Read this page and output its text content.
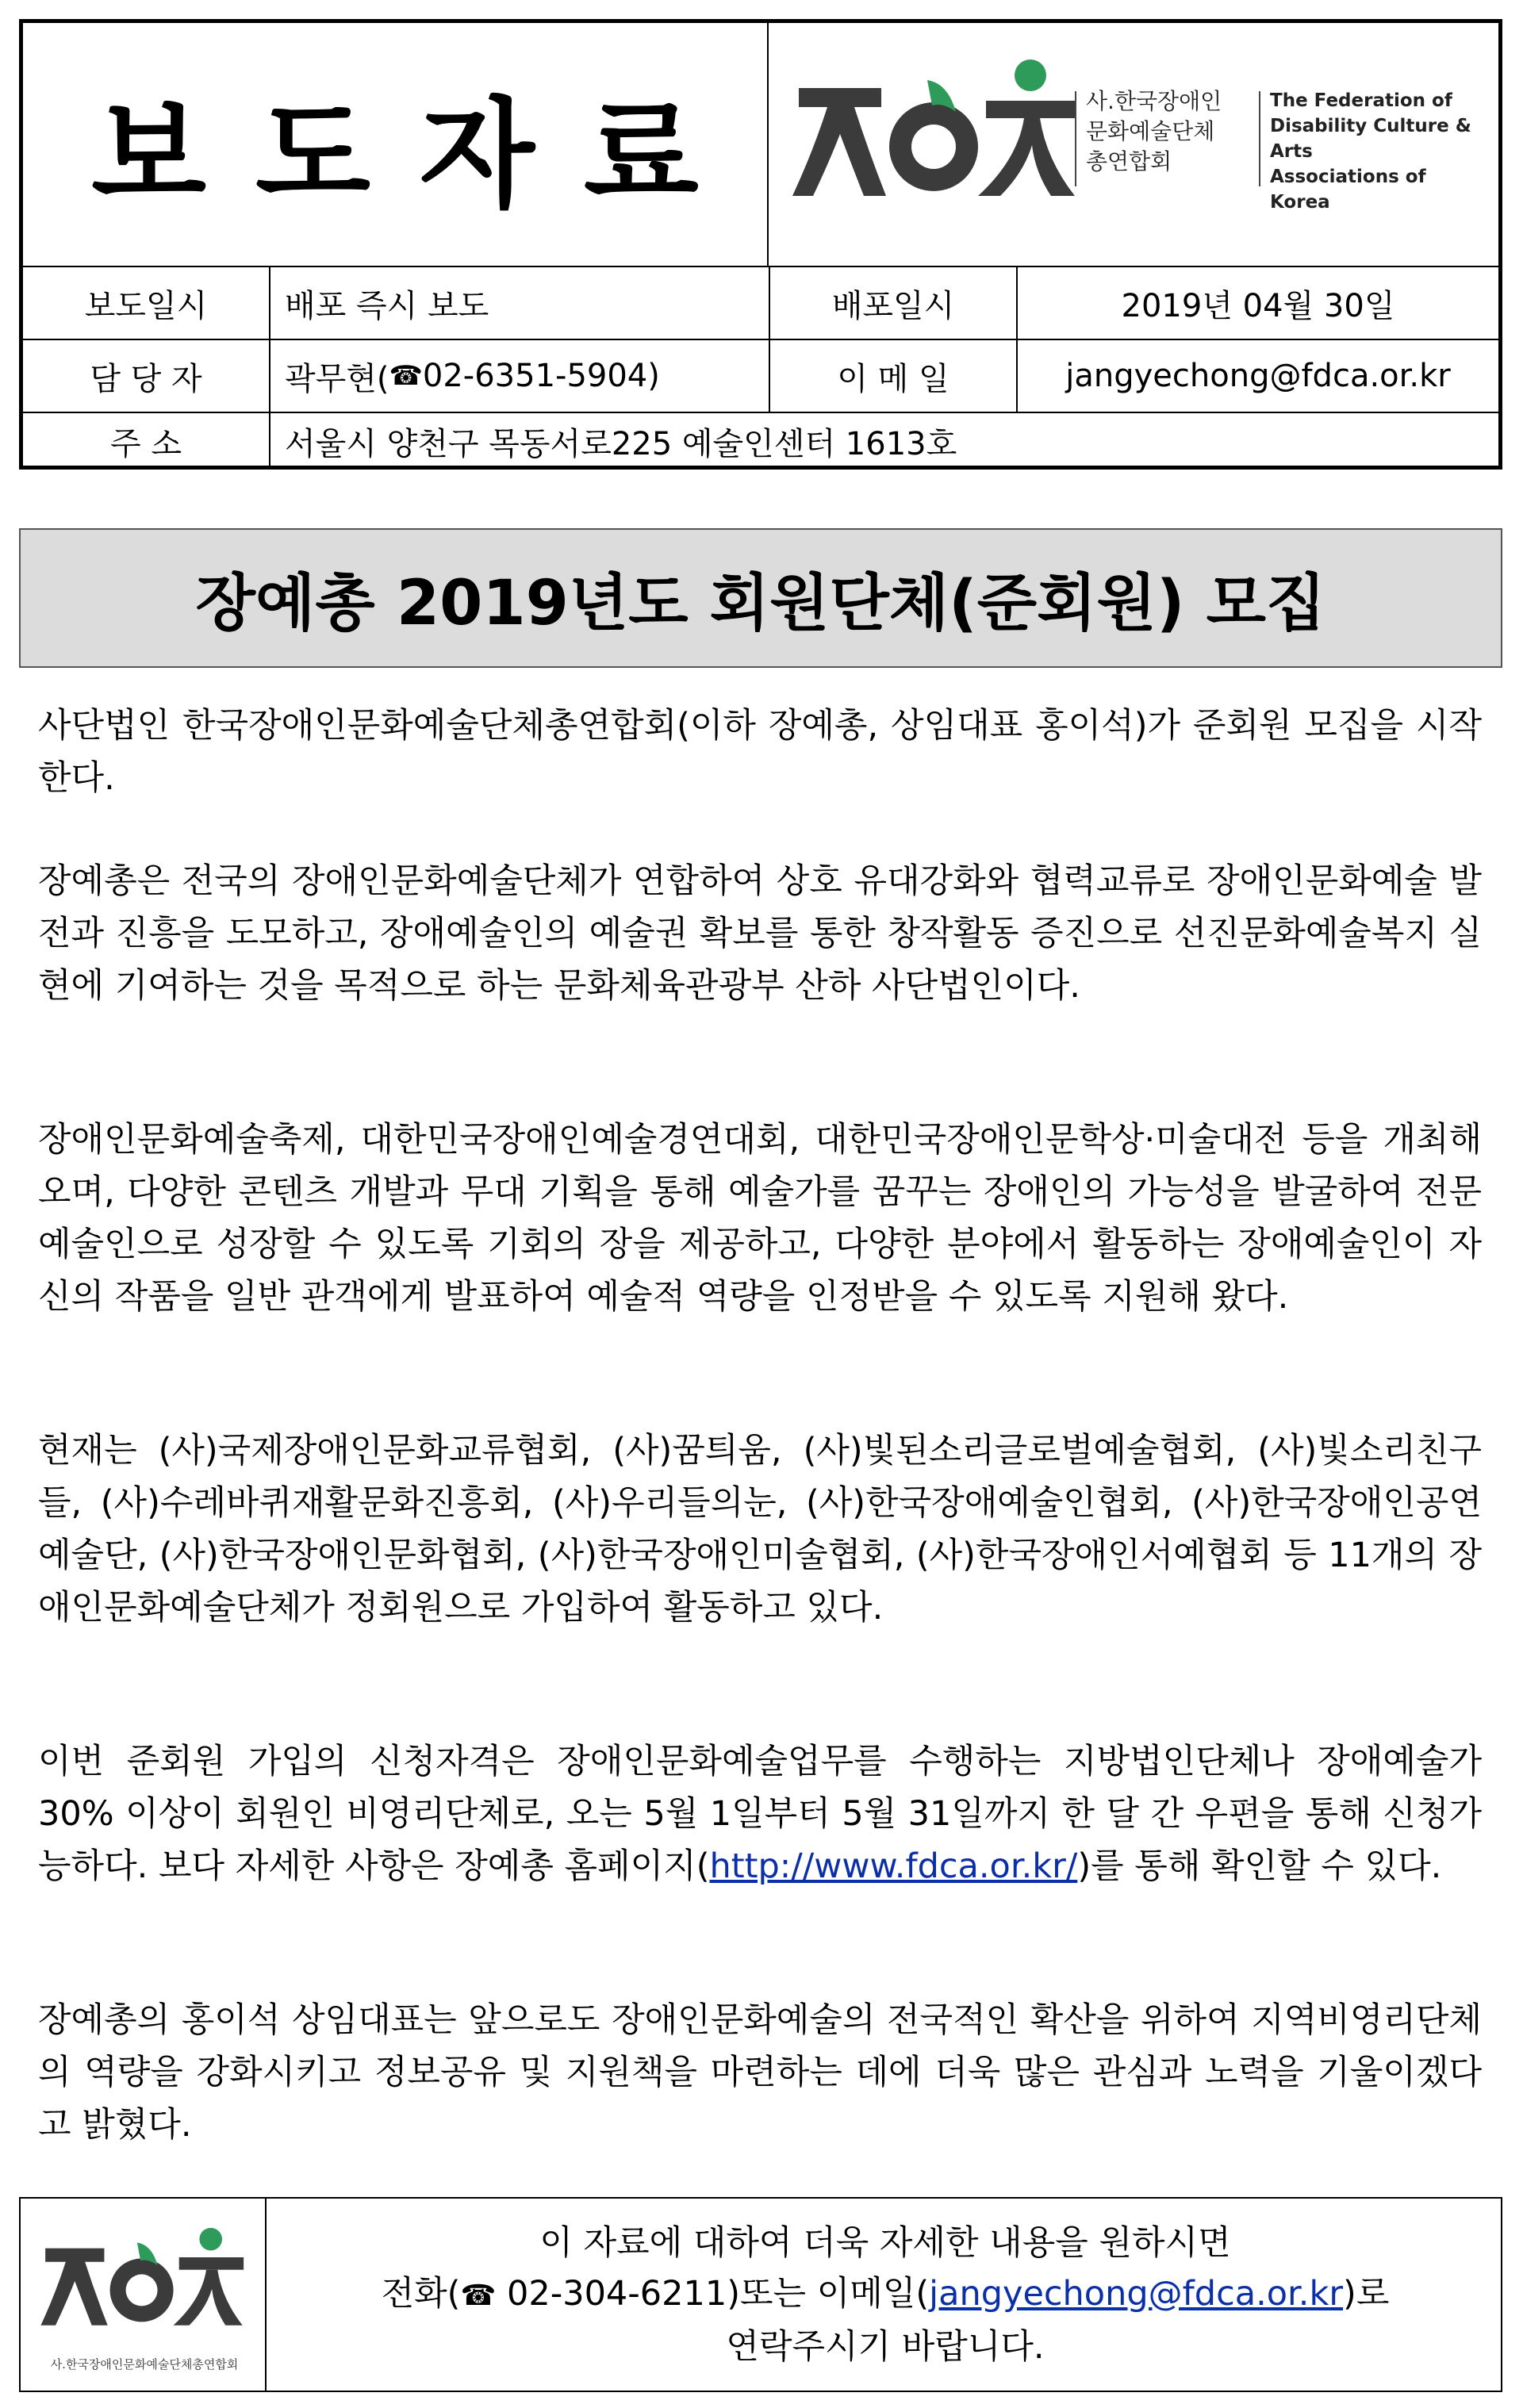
보도자료	사.한국장애인
문화예술단체
총연합회
The Federation of
Disability Culture & Arts
Associations of
Korea
보도일시	배포 즉시 보도	배포일시	2019년 04월 30일
담 당 자	곽무현( ☎ 02-6351-5904)	이 메 일	jangyechong@fdca.or.kr
주 소	서울시 양천구 목동서로225 예술인센터 1613호
장예총 2019년도 회원단체(준회원) 모집
사단법인 한국장애인문화예술단체총연합회(이하 장예총, 상임대표 홍이석)가 준회원 모집을 시작한다.
장예총은 전국의 장애인문화예술단체가 연합하여 상호 유대강화와 협력교류로 장애인문화예술 발전과 진흥을 도모하고, 장애예술인의 예술권 확보를 통한 창작활동 증진으로 선진문화예술복지 실현에 기여하는 것을 목적으로 하는 문화체육관광부 산하 사단법인이다.
장애인문화예술축제, 대한민국장애인예술경연대회, 대한민국장애인문학상·미술대전 등을 개최해오며, 다양한 콘텐츠 개발과 무대 기획을 통해 예술가를 꿈꾸는 장애인의 가능성을 발굴하여 전문예술인으로 성장할 수 있도록 기회의 장을 제공하고, 다양한 분야에서 활동하는 장애예술인이 자신의 작품을 일반 관객에게 발표하여 예술적 역량을 인정받을 수 있도록 지원해 왔다.
현재는 (사)국제장애인문화교류협회, (사)꿈틔움, (사)빛된소리글로벌예술협회, (사)빛소리친구들, (사)수레바퀴재활문화진흥회, (사)우리들의눈, (사)한국장애예술인협회, (사)한국장애인공연예술단, (사)한국장애인문화협회, (사)한국장애인미술협회, (사)한국장애인서예협회 등 11개의 장애인문화예술단체가 정회원으로 가입하여 활동하고 있다.
이번 준회원 가입의 신청자격은 장애인문화예술업무를 수행하는 지방법인단체나 장애예술가 30% 이상이 회원인 비영리단체로, 오는 5월 1일부터 5월 31일까지 한 달 간 우편을 통해 신청가능하다. 보다 자세한 사항은 장예총 홈페이지(http://www.fdca.or.kr/)를 통해 확인할 수 있다.
장예총의 홍이석 상임대표는 앞으로도 장애인문화예술의 전국적인 확산을 위하여 지역비영리단체의 역량을 강화시키고 정보공유 및 지원책을 마련하는 데에 더욱 많은 관심과 노력을 기울이겠다고 밝혔다.
사.한국장애인문화예술단체총연합회
이 자료에 대하여 더욱 자세한 내용을 원하시면
전화(☎ 02-304-6211)또는 이메일(jangyechong@fdca.or.kr)로
연락주시기 바랍니다.
